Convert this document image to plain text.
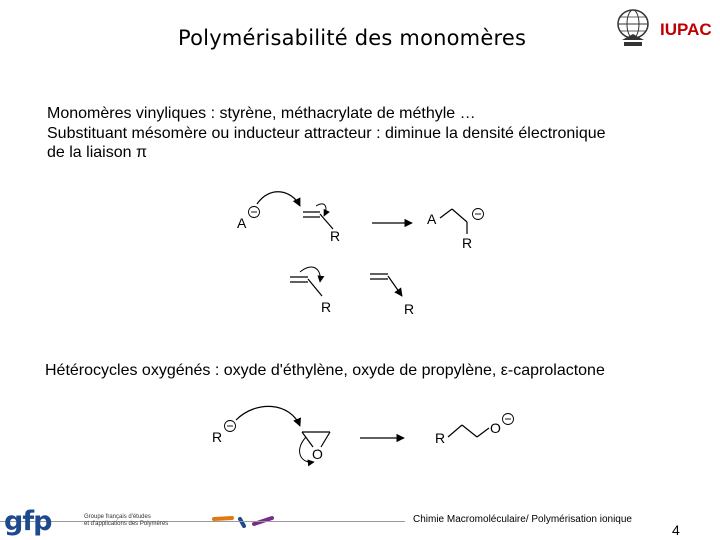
Polymérisabilité des monomères	IUPAC
Monomères vinyliques : styrène, méthacrylate de méthyle …
Substituant mésomère ou inducteur attracteur : diminue la densité électronique
de la liaison π
Hétérocycles oxygénés : oxyde d'éthylène, oxyde de propylène, ε-caprolactone
A
R
A
R
R	R
R
O
R
O
gfp	Groupe français d'études
et d'applications des Polymères	Chimie Macromoléculaire/ Polymérisation ionique
4
